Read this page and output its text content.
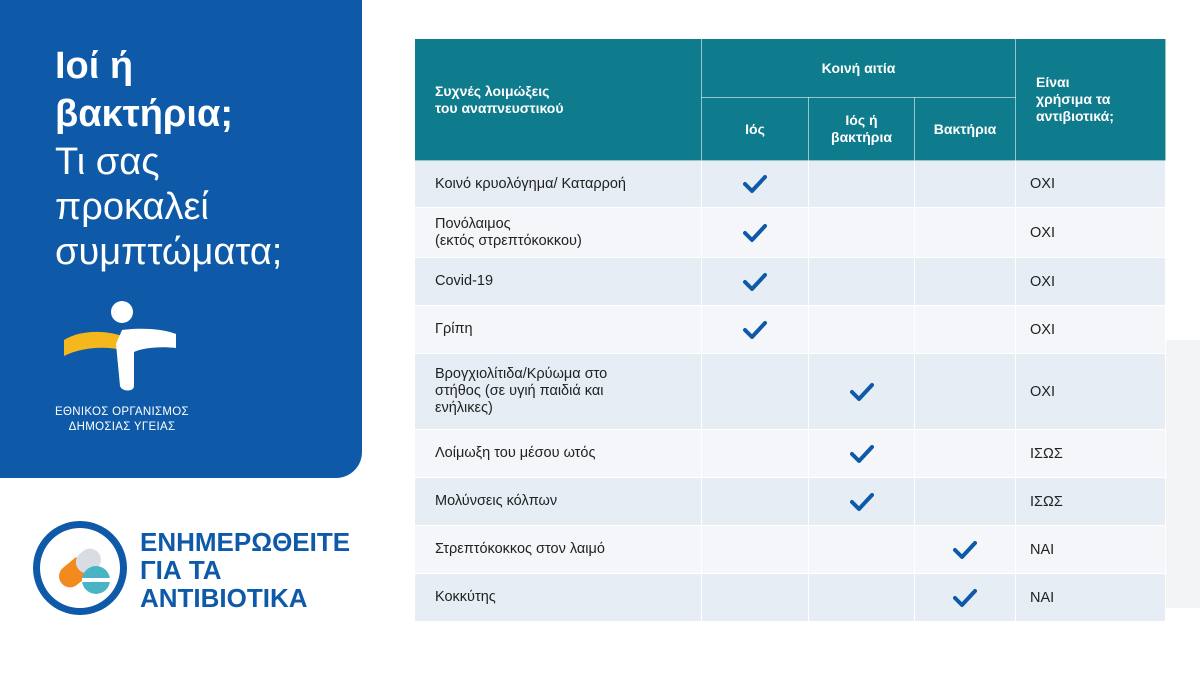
Ιοί ή
βακτήρια;
Τι σας
προκαλεί
συμπτώματα;
ΕΘΝΙΚΟΣ ΟΡΓΑΝΙΣΜΟΣ
ΔΗΜΟΣΙΑΣ ΥΓΕΙΑΣ
ΕΝΗΜΕΡΩΘΕΙΤΕ
ΓΙΑ ΤΑ
ΑΝΤΙΒΙΟΤΙΚΑ
Συχνές λοιμώξεις
του αναπνευστικού	Κοινή αιτία			Είναι
χρήσιμα τα
αντιβιοτικά;

	Ιός	Ιός ή
βακτήρια	Βακτήρια	

Κοινό κρυολόγημα/ Καταρροή				ΟΧΙ

Πονόλαιμος
(εκτός στρεπτόκοκκου)				ΟΧΙ

Covid-19				ΟΧΙ

Γρίπη				ΟΧΙ

Βρογχιολίτιδα/Κρύωμα στο
στήθος (σε υγιή παιδιά και
ενήλικες)				ΟΧΙ

Λοίμωξη του μέσου ωτός				ΙΣΩΣ

Μολύνσεις κόλπων				ΙΣΩΣ

Στρεπτόκοκκος στον λαιμό				ΝΑΙ

Κοκκύτης				ΝΑΙ
